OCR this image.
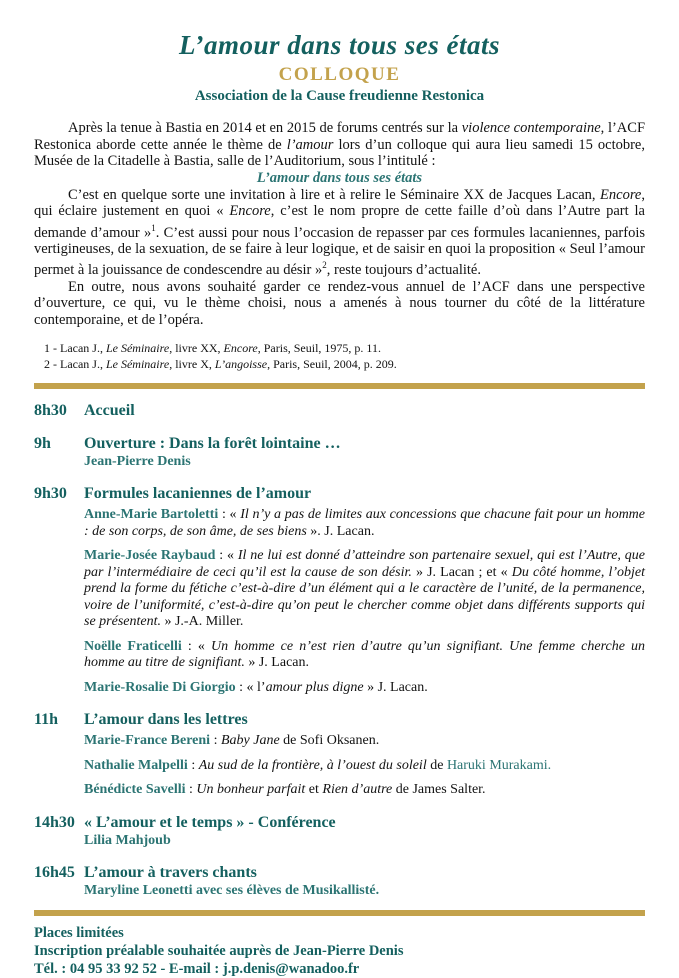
L’amour dans tous ses états
COLLOQUE
Association de la Cause freudienne Restonica

Après la tenue à Bastia en 2014 et en 2015 de forums centrés sur la violence contemporaine, l’ACF Restonica aborde cette année le thème de l’amour lors d’un colloque qui aura lieu samedi 15 octobre, Musée de la Citadelle à Bastia, salle de l’Auditorium, sous l’intitulé :

L’amour dans tous ses états

C’est en quelque sorte une invitation à lire et à relire le Séminaire XX de Jacques Lacan, Encore, qui éclaire justement en quoi « Encore, c’est le nom propre de cette faille d’où dans l’Autre part la demande d’amour »$^1$. C’est aussi pour nous l’occasion de repasser par ces formules lacaniennes, parfois vertigineuses, de la sexuation, de se faire à leur logique, et de saisir en quoi la proposition « Seul l’amour permet à la jouissance de condescendre au désir »$^2$, reste toujours d’actualité.

En outre, nous avons souhaité garder ce rendez-vous annuel de l’ACF dans une perspective d’ouverture, ce qui, vu le thème choisi, nous a amenés à nous tourner du côté de la littérature contemporaine, et de l’opéra.

1 - Lacan J., Le Séminaire, livre XX, Encore, Paris, Seuil, 1975, p. 11.

2 - Lacan J., Le Séminaire, livre X, L’angoisse, Paris, Seuil, 2004, p. 209.

8h30	Accueil
9h	Ouverture : Dans la forêt lointaine …
Jean-Pierre Denis
9h30	Formules lacaniennes de l’amour

Anne-Marie Bartoletti : « Il n’y a pas de limites aux concessions que chacune fait pour un homme : de son corps, de son âme, de ses biens ». J. Lacan.

Marie-Josée Raybaud : « Il ne lui est donné d’atteindre son partenaire sexuel, qui est l’Autre, que par l’intermédiaire de ceci qu’il est la cause de son désir. » J. Lacan ; et « Du côté homme, l’objet prend la forme du fétiche c’est-à-dire d’un élément qui a le caractère de l’unité, de la permanence, voire de l’uniformité, c’est-à-dire qu’on peut le chercher comme objet dans différents supports qui se présentent. » J.-A. Miller.

Noëlle Fraticelli : « Un homme ce n’est rien d’autre qu’un signifiant. Une femme cherche un homme au titre de signifiant. » J. Lacan.

Marie-Rosalie Di Giorgio : « l’amour plus digne » J. Lacan.

11h	L’amour dans les lettres

Marie-France Bereni : Baby Jane de Sofi Oksanen.

Nathalie Malpelli : Au sud de la frontière, à l’ouest du soleil de Haruki Murakami.

Bénédicte Savelli : Un bonheur parfait et Rien d’autre de James Salter.

14h30 « L’amour et le temps » - Conférence
Lilia Mahjoub
16h45 L’amour à travers chants
Maryline Leonetti avec ses élèves de Musikallisté.

Places limitées

Inscription préalable souhaitée auprès de Jean-Pierre Denis

Tél. : 04 95 33 92 52 - E-mail : j.p.denis@wanadoo.fr
